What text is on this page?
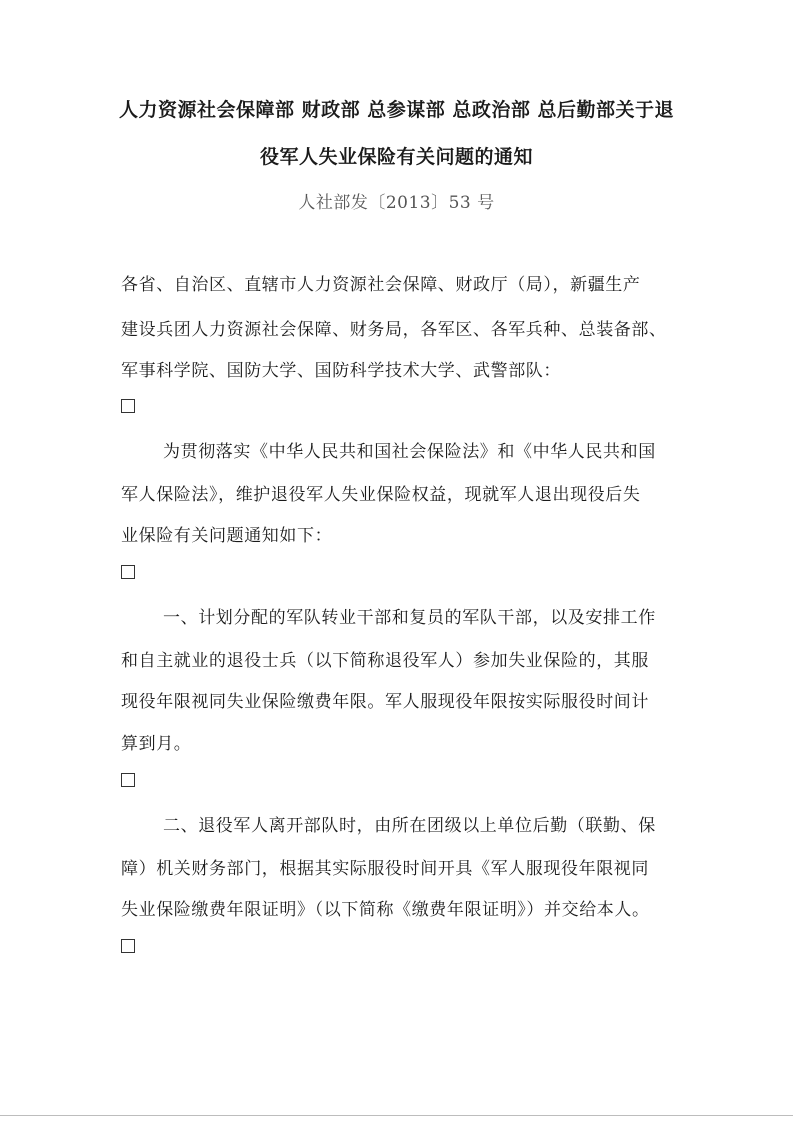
人力资源社会保障部 财政部 总参谋部 总政治部 总后勤部关于退
役军人失业保险有关问题的通知
人社部发〔2013〕53 号
各省、自治区、直辖市人力资源社会保障、财政厅（局），新疆生产
建设兵团人力资源社会保障、财务局，各军区、各军兵种、总装备部、
军事科学院、国防大学、国防科学技术大学、武警部队：
为贯彻落实《中华人民共和国社会保险法》和《中华人民共和国
军人保险法》，维护退役军人失业保险权益，现就军人退出现役后失
业保险有关问题通知如下：
一、计划分配的军队转业干部和复员的军队干部，以及安排工作
和自主就业的退役士兵（以下简称退役军人）参加失业保险的，其服
现役年限视同失业保险缴费年限。军人服现役年限按实际服役时间计
算到月。
二、退役军人离开部队时，由所在团级以上单位后勤（联勤、保
障）机关财务部门，根据其实际服役时间开具《军人服现役年限视同
失业保险缴费年限证明》（以下简称《缴费年限证明》）并交给本人。
